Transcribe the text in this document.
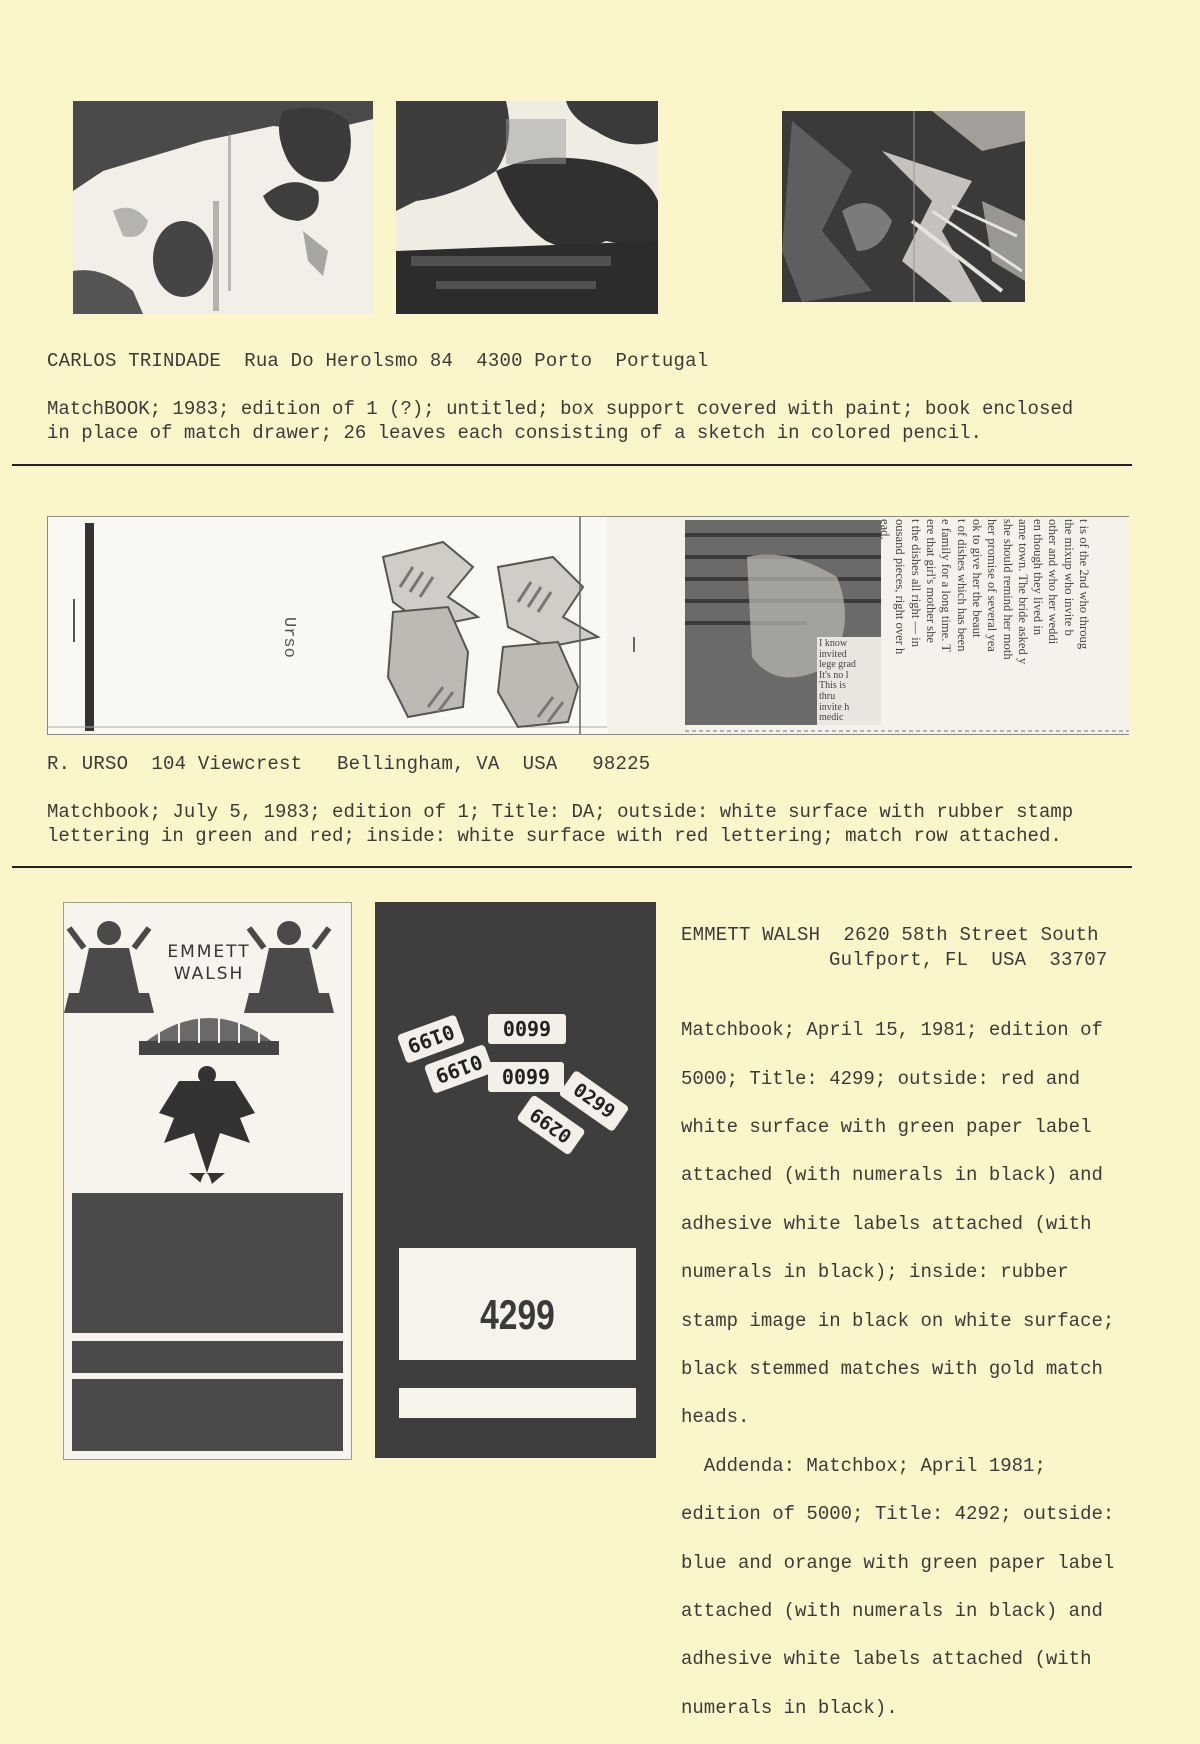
CARLOS TRINDADE  Rua Do Herolsmo 84  4300 Porto  Portugal
MatchBOOK; 1983; edition of 1 (?); untitled; box support covered with paint; book enclosed
in place of match drawer; 26 leaves each consisting of a sketch in colored pencil.
Urso	t is of the 2nd who throug
the mixup who invite b
other and who her weddi
en though they lived in
ame town. The bride asked y
she should remind her moth
her promise of several yea
ok to give her the beaut
t of dishes which has been
e family for a long time. T
ere that girl's mother she
t the dishes all right — in
ousand pieces, right over h
ead.
I know
invited
lege grad
It's no l
This is
thru
invite h
medic
R. URSO  104 Viewcrest   Bellingham, VA  USA   98225
Matchbook; July 5, 1983; edition of 1; Title: DA; outside: white surface with rubber stamp
lettering in green and red; inside: white surface with red lettering; match row attached.
EMMETT
WALSH
0199	0099
0199 0099
0299
0299
4299
EMMETT WALSH  2620 58th Street South
Gulfport, FL  USA  33707

Matchbook; April 15, 1981; edition of

5000; Title: 4299; outside: red and

white surface with green paper label

attached (with numerals in black) and

adhesive white labels attached (with

numerals in black); inside: rubber

stamp image in black on white surface;

black stemmed matches with gold match

heads.

Addenda: Matchbox; April 1981;

edition of 5000; Title: 4292; outside:

blue and orange with green paper label

attached (with numerals in black) and

adhesive white labels attached (with

numerals in black).
